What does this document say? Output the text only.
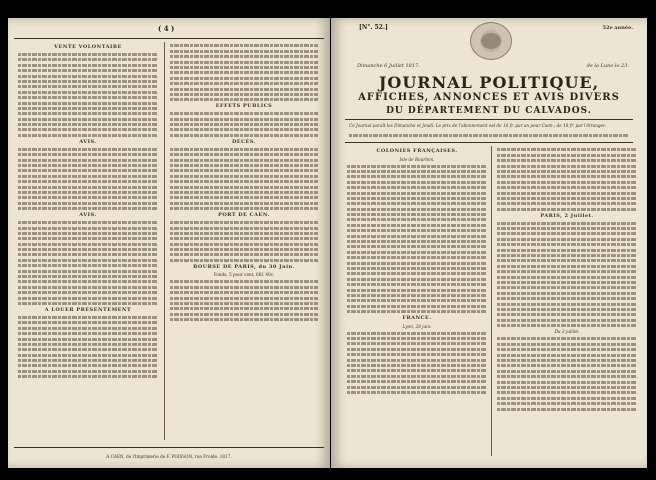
( 4 )
VENTE VOLONTAIRE
AVIS.
AVIS.
A LOUER PRÉSENTEMENT
EFFETS PUBLICS
DÉCÈS.
PORT DE CAEN.
BOURSE DE PARIS, du 30 Juin.
Fonds, 5 pour cent, 66f. 40c.
A CAEN, de l'Imprimerie de F. POISSON, rue Froide. 1817.
[N°. 52.]	52e année.
Dimanche 6 Juillet 1817.	de la Lune le 23.
JOURNAL POLITIQUE,
AFFICHES, ANNONCES ET AVIS DIVERS
DU DÉPARTEMENT DU CALVADOS.
Ce Journal paraît les Dimanche et Jeudi. Le prix de l'abonnement est de 16 fr. par an pour Caen ; de 18 fr. par l'étranger.
COLONIES FRANÇAISES.
Isle de Bourbon.
FRANCE.
Lyon, 28 juin.
PARIS, 2 Juillet.
Du 3 juillet.
